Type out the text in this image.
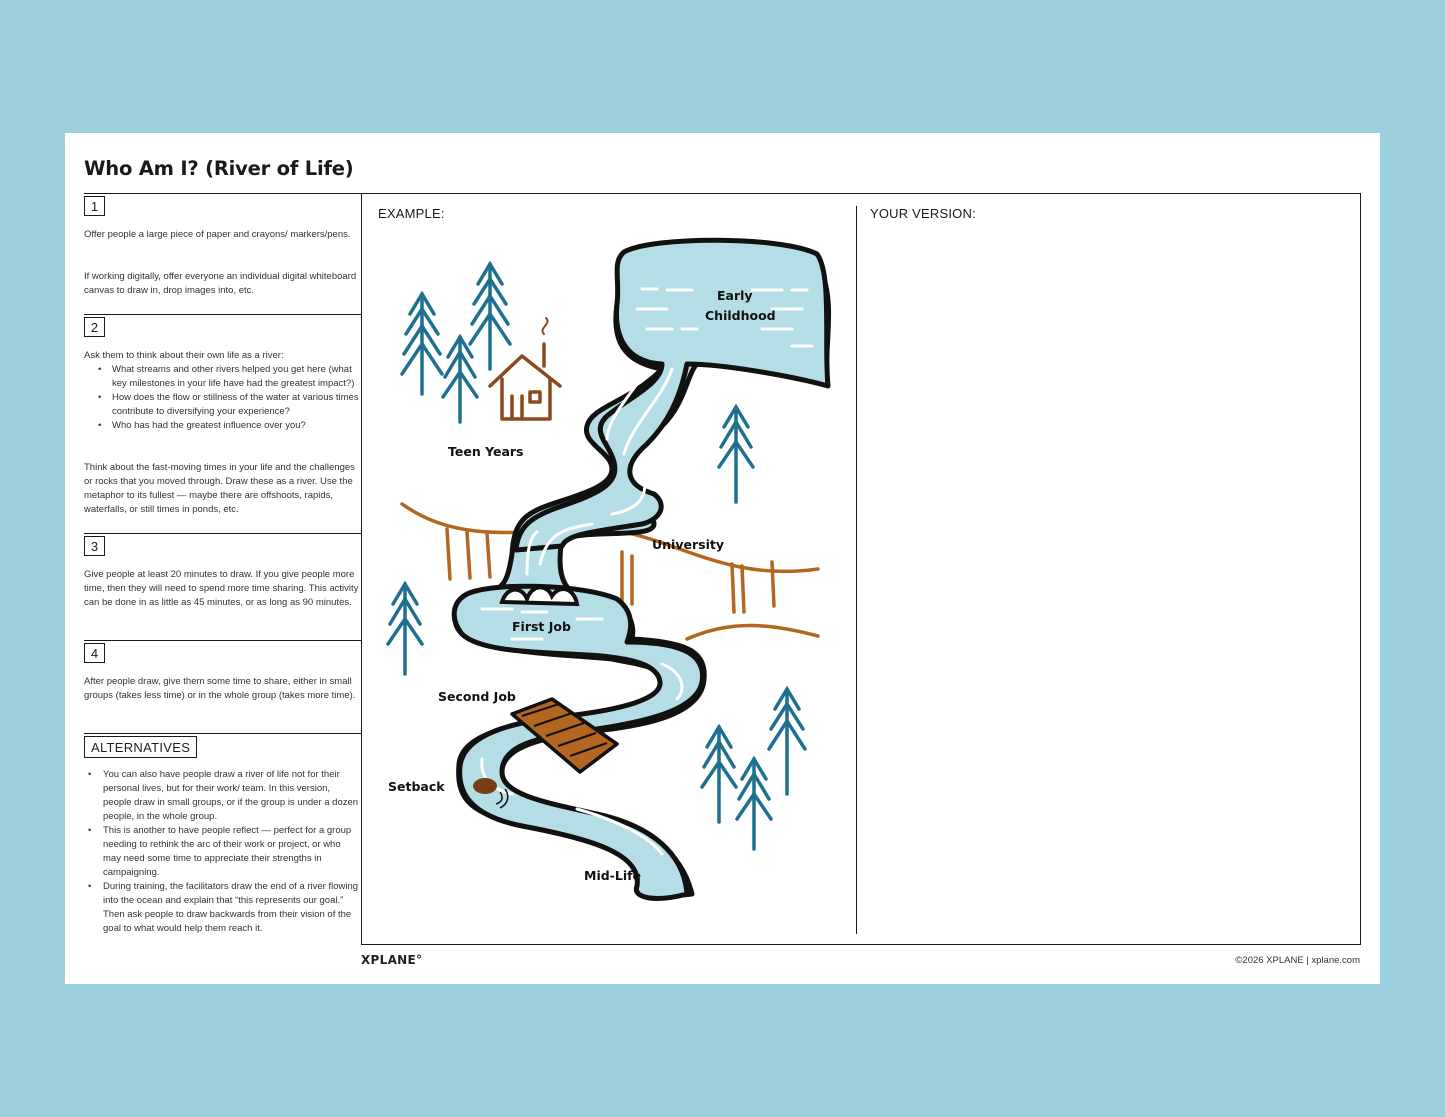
Who Am I? (River of Life)
1
Offer people a large piece of paper and crayons/ markers/pens.
If working digitally, offer everyone an individual digital whiteboard canvas to draw in, drop images into, etc.
2
Ask them to think about their own life as a river:
• What streams and other rivers helped you get here (what key milestones in your life have had the greatest impact?)
• How does the flow or stillness of the water at various times contribute to diversifying your experience?
• Who has had the greatest influence over you?
Think about the fast-moving times in your life and the challenges or rocks that you moved through. Draw these as a river. Use the metaphor to its fullest — maybe there are offshoots, rapids, waterfalls, or still times in ponds, etc.
3
Give people at least 20 minutes to draw. If you give people more time, then they will need to spend more time sharing. This activity can be done in as little as 45 minutes, or as long as 90 minutes.
4
After people draw, give them some time to share, either in small groups (takes less time) or in the whole group (takes more time).
ALTERNATIVES
• You can also have people draw a river of life not for their personal lives, but for their work/ team. In this version, people draw in small groups, or if the group is under a dozen people, in the whole group.
• This is another to have people reflect — perfect for a group needing to rethink the arc of their work or project, or who may need some time to appreciate their strengths in campaigning.
• During training, the facilitators draw the end of a river flowing into the ocean and explain that “this represents our goal.” Then ask people to draw backwards from their vision of the goal to what would help them reach it.
EXAMPLE:	YOUR VERSION:
Early
Childhood
Teen Years
University
First Job
Second Job
Setback
Mid-Life
XPLANE°	©2026 XPLANE | xplane.com
